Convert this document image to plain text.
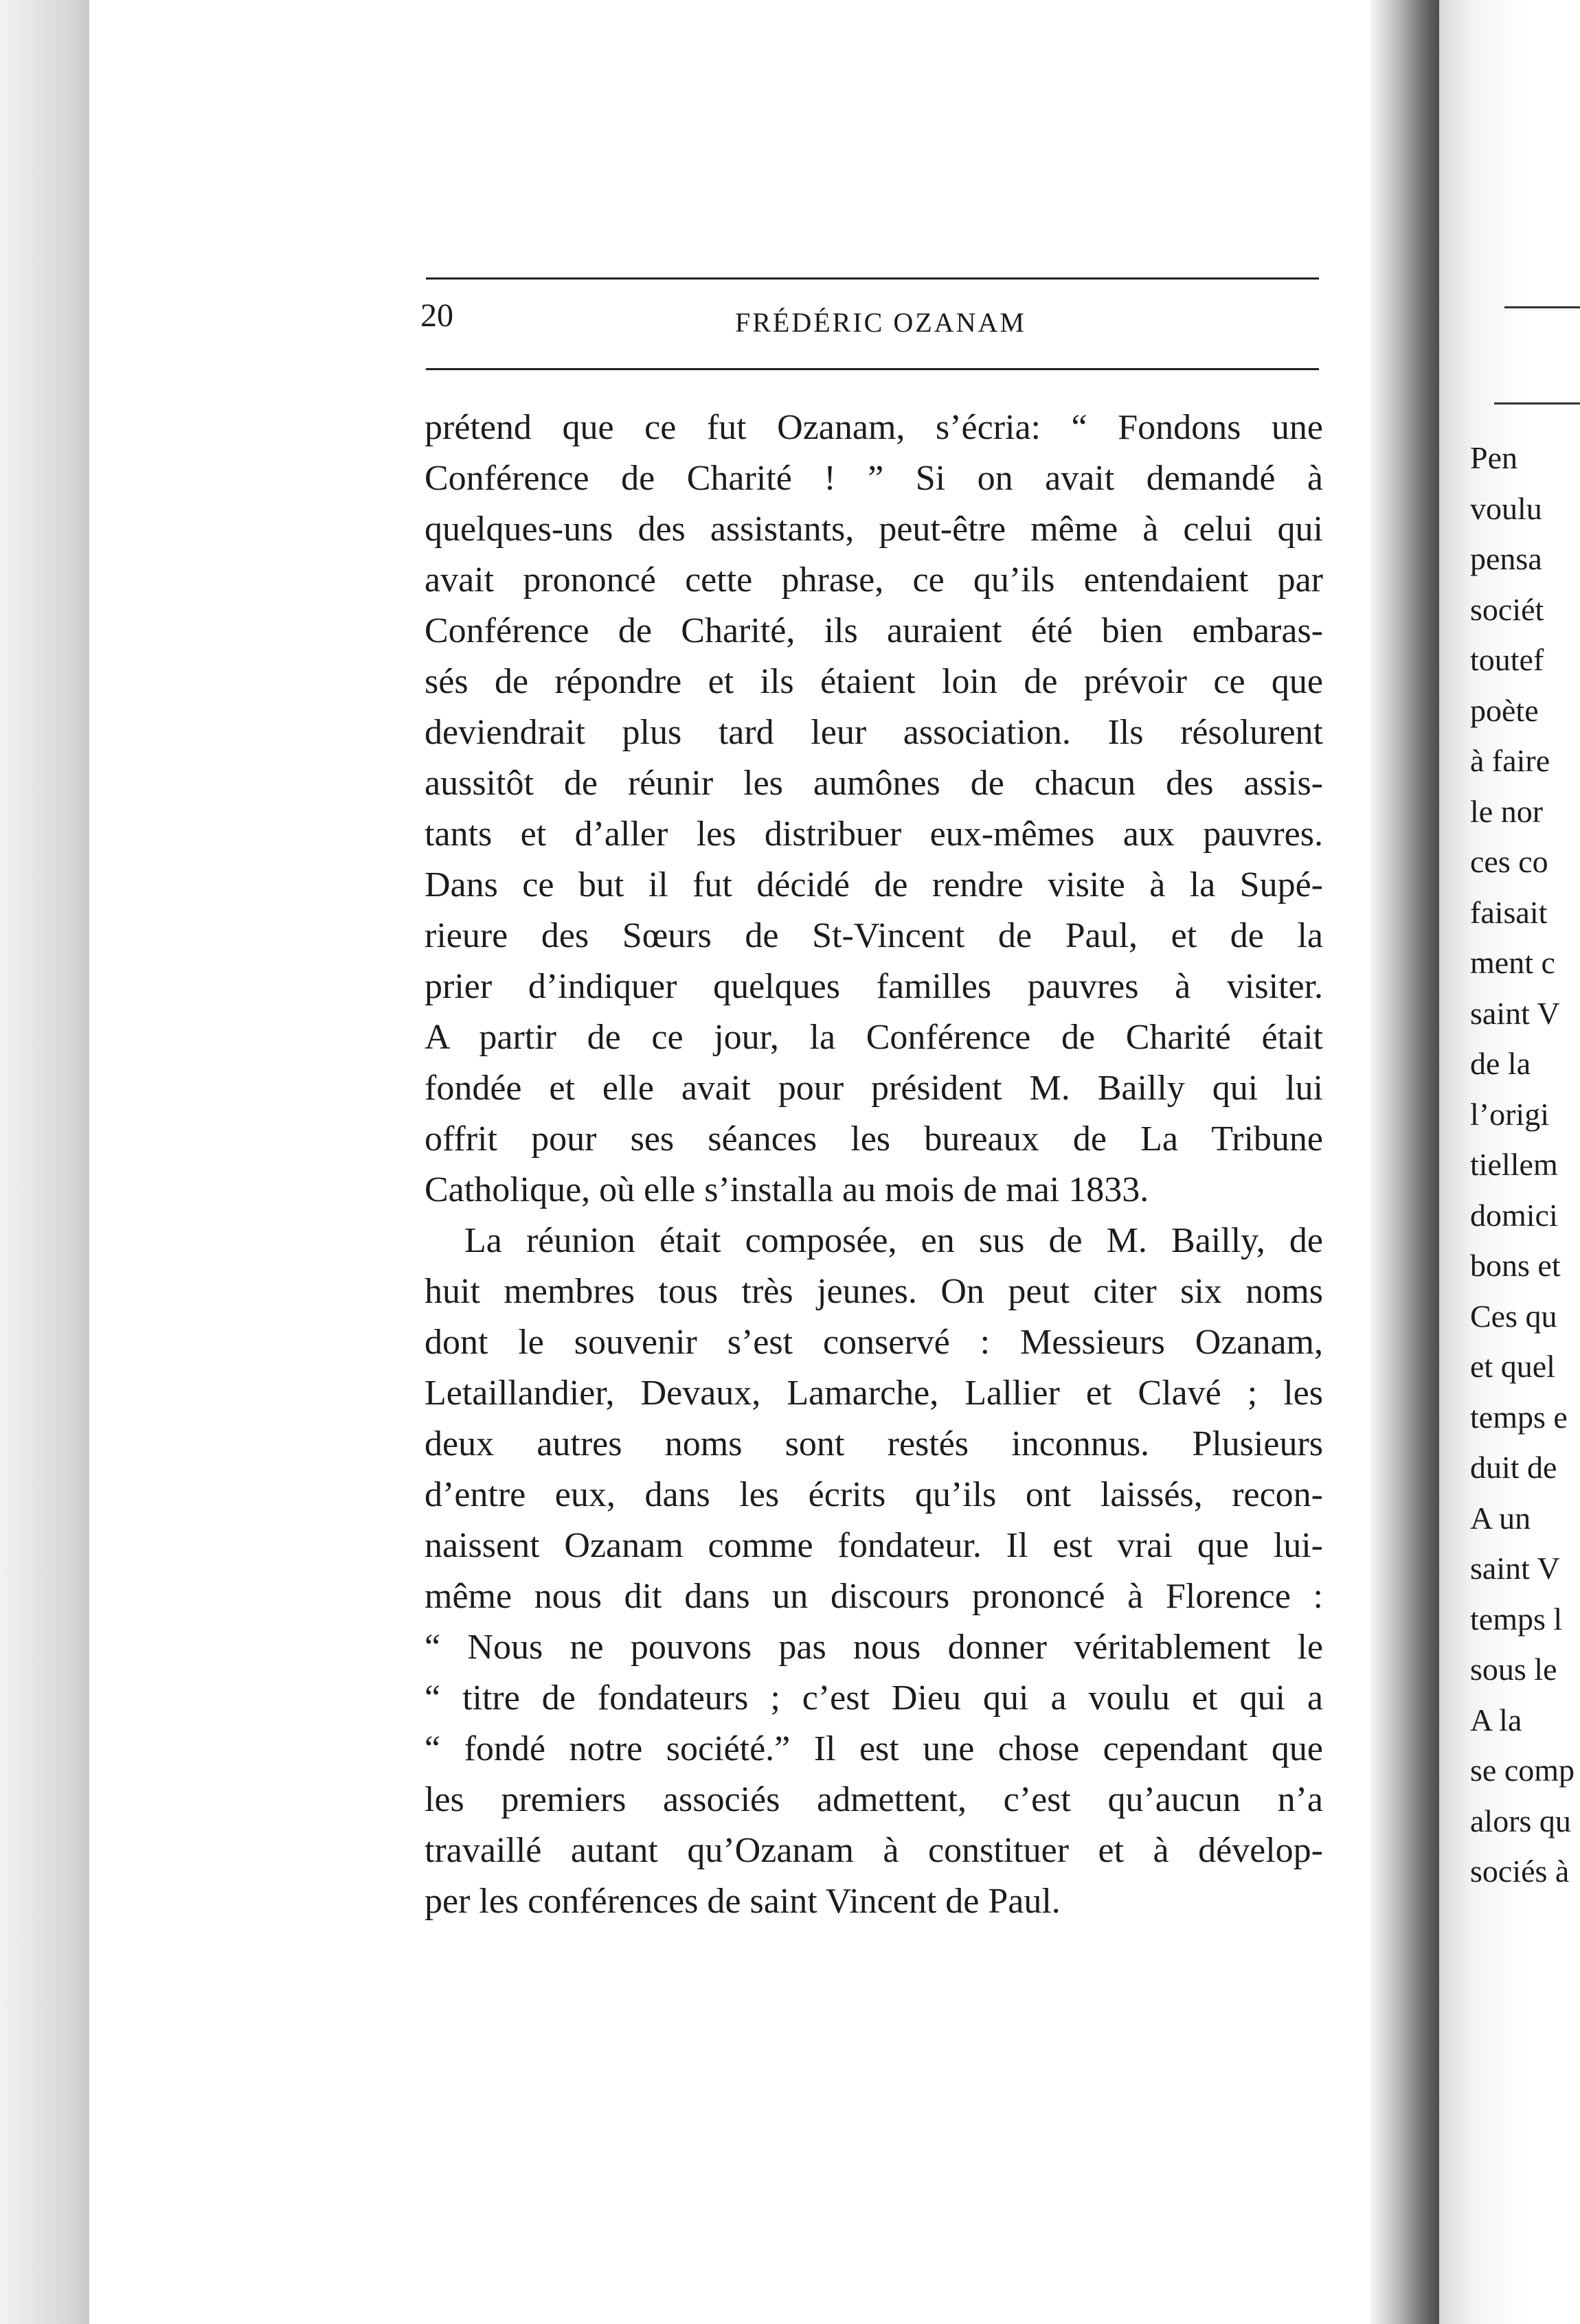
20	FRÉDÉRIC OZANAM
prétend que ce fut Ozanam, s’écria: “ Fondons une
Conférence de Charité ! ” Si on avait demandé à
quelques-uns des assistants, peut-être même à celui qui
avait prononcé cette phrase, ce qu’ils entendaient par
Conférence de Charité, ils auraient été bien embaras-
sés de répondre et ils étaient loin de prévoir ce que
deviendrait plus tard leur association. Ils résolurent
aussitôt de réunir les aumônes de chacun des assis-
tants et d’aller les distribuer eux-mêmes aux pauvres.
Dans ce but il fut décidé de rendre visite à la Supé-
rieure des Sœurs de St-Vincent de Paul, et de la
prier d’indiquer quelques familles pauvres à visiter.
A partir de ce jour, la Conférence de Charité était
fondée et elle avait pour président M. Bailly qui lui
offrit pour ses séances les bureaux de La Tribune
Catholique, où elle s’installa au mois de mai 1833.
La réunion était composée, en sus de M. Bailly, de
huit membres tous très jeunes. On peut citer six noms
dont le souvenir s’est conservé : Messieurs Ozanam,
Letaillandier, Devaux, Lamarche, Lallier et Clavé ; les
deux autres noms sont restés inconnus. Plusieurs
d’entre eux, dans les écrits qu’ils ont laissés, recon-
naissent Ozanam comme fondateur. Il est vrai que lui-
même nous dit dans un discours prononcé à Florence :
“ Nous ne pouvons pas nous donner véritablement le
“ titre de fondateurs ; c’est Dieu qui a voulu et qui a
“ fondé notre société.” Il est une chose cependant que
les premiers associés admettent, c’est qu’aucun n’a
travaillé autant qu’Ozanam à constituer et à dévelop-
per les conférences de saint Vincent de Paul.
Pen
voulu
pensa
sociét
toutef
poète
à faire
le nor
ces co
faisait
ment c
saint V
de la
l’origi
tiellem
domici
bons et
Ces qu
et quel
temps e
duit de
A un
saint V
temps l
sous le
A la
se comp
alors qu
sociés à
